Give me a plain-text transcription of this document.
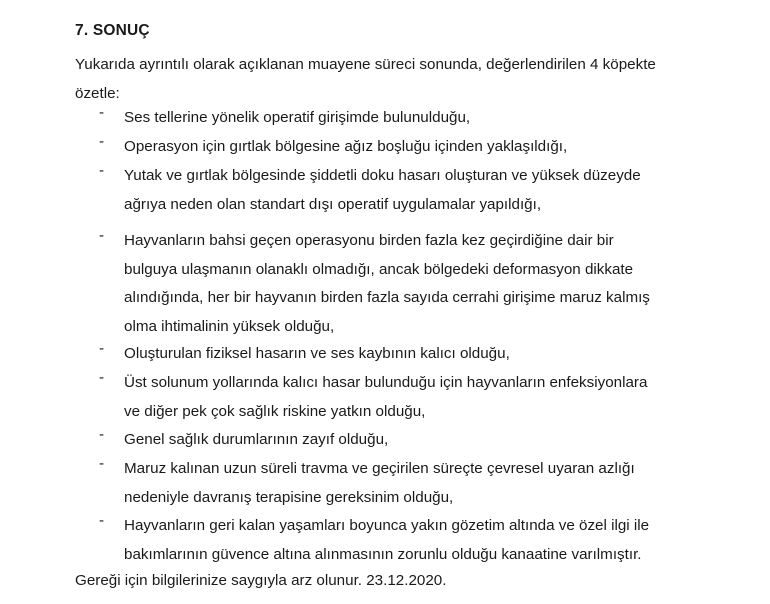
7. SONUÇ

Yukarıda ayrıntılı olarak açıklanan muayene süreci sonunda, değerlendirilen 4 köpekte
özetle:

- Ses tellerine yönelik operatif girişimde bulunulduğu,
- Operasyon için gırtlak bölgesine ağız boşluğu içinden yaklaşıldığı,
- Yutak ve gırtlak bölgesinde şiddetli doku hasarı oluşturan ve yüksek düzeyde
ağrıya neden olan standart dışı operatif uygulamalar yapıldığı,
- Hayvanların bahsi geçen operasyonu birden fazla kez geçirdiğine dair bir
bulguya ulaşmanın olanaklı olmadığı, ancak bölgedeki deformasyon dikkate
alındığında, her bir hayvanın birden fazla sayıda cerrahi girişime maruz kalmış
olma ihtimalinin yüksek olduğu,
- Oluşturulan fiziksel hasarın ve ses kaybının kalıcı olduğu,
- Üst solunum yollarında kalıcı hasar bulunduğu için hayvanların enfeksiyonlara
ve diğer pek çok sağlık riskine yatkın olduğu,
- Genel sağlık durumlarının zayıf olduğu,
- Maruz kalınan uzun süreli travma ve geçirilen süreçte çevresel uyaran azlığı
nedeniyle davranış terapisine gereksinim olduğu,
- Hayvanların geri kalan yaşamları boyunca yakın gözetim altında ve özel ilgi ile
bakımlarının güvence altına alınmasının zorunlu olduğu kanaatine varılmıştır.

Gereği için bilgilerinize saygıyla arz olunur. 23.12.2020.
